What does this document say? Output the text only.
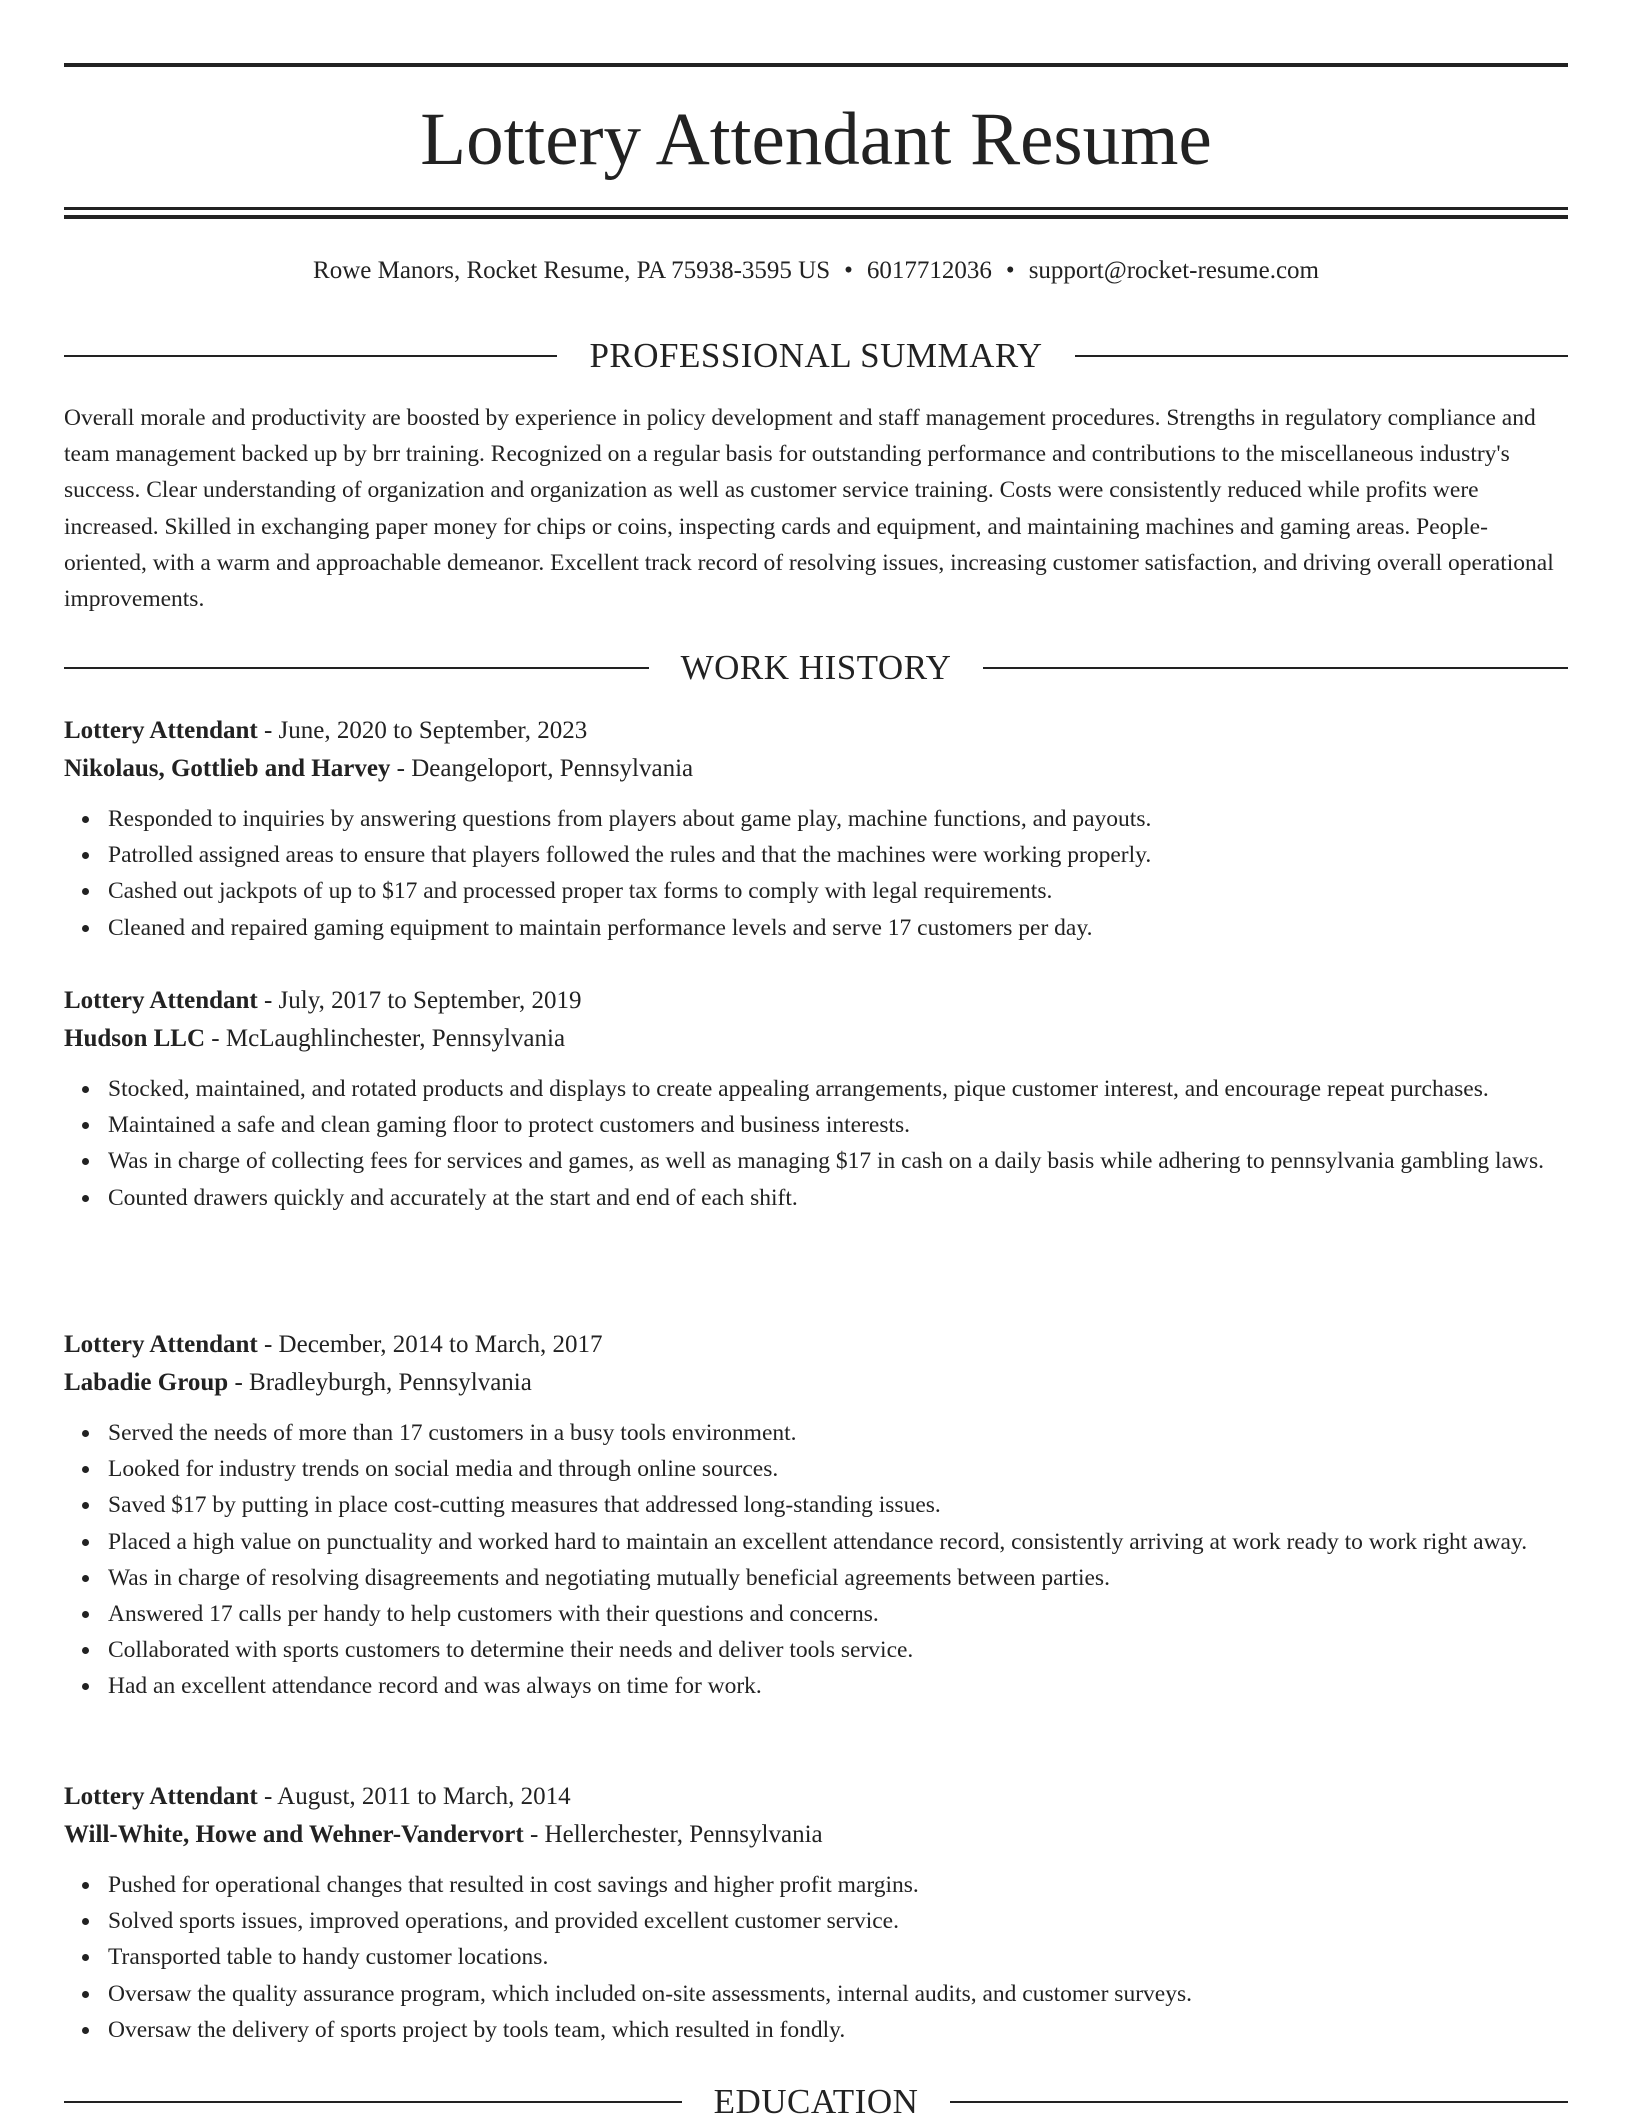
Lottery Attendant Resume
Rowe Manors, Rocket Resume, PA 75938-3595 US • 6017712036 • support@rocket-resume.com
PROFESSIONAL SUMMARY

Overall morale and productivity are boosted by experience in policy development and staff management procedures. Strengths in regulatory compliance and team management backed up by brr training. Recognized on a regular basis for outstanding performance and contributions to the miscellaneous industry's success. Clear understanding of organization and organization as well as customer service training. Costs were consistently reduced while profits were increased. Skilled in exchanging paper money for chips or coins, inspecting cards and equipment, and maintaining machines and gaming areas. People-oriented, with a warm and approachable demeanor. Excellent track record of resolving issues, increasing customer satisfaction, and driving overall operational improvements.

WORK HISTORY

Lottery Attendant - June, 2020 to September, 2023

Nikolaus, Gottlieb and Harvey - Deangeloport, Pennsylvania

Responded to inquiries by answering questions from players about game play, machine functions, and payouts.
Patrolled assigned areas to ensure that players followed the rules and that the machines were working properly.
Cashed out jackpots of up to $17 and processed proper tax forms to comply with legal requirements.
Cleaned and repaired gaming equipment to maintain performance levels and serve 17 customers per day.

Lottery Attendant - July, 2017 to September, 2019

Hudson LLC - McLaughlinchester, Pennsylvania

Stocked, maintained, and rotated products and displays to create appealing arrangements, pique customer interest, and encourage repeat purchases.
Maintained a safe and clean gaming floor to protect customers and business interests.
Was in charge of collecting fees for services and games, as well as managing $17 in cash on a daily basis while adhering to pennsylvania gambling laws.
Counted drawers quickly and accurately at the start and end of each shift.

Lottery Attendant - December, 2014 to March, 2017

Labadie Group - Bradleyburgh, Pennsylvania

Served the needs of more than 17 customers in a busy tools environment.
Looked for industry trends on social media and through online sources.
Saved $17 by putting in place cost-cutting measures that addressed long-standing issues.
Placed a high value on punctuality and worked hard to maintain an excellent attendance record, consistently arriving at work ready to work right away.
Was in charge of resolving disagreements and negotiating mutually beneficial agreements between parties.
Answered 17 calls per handy to help customers with their questions and concerns.
Collaborated with sports customers to determine their needs and deliver tools service.
Had an excellent attendance record and was always on time for work.

Lottery Attendant - August, 2011 to March, 2014

Will-White, Howe and Wehner-Vandervort - Hellerchester, Pennsylvania

Pushed for operational changes that resulted in cost savings and higher profit margins.
Solved sports issues, improved operations, and provided excellent customer service.
Transported table to handy customer locations.
Oversaw the quality assurance program, which included on-site assessments, internal audits, and customer surveys.
Oversaw the delivery of sports project by tools team, which resulted in fondly.
EDUCATION
